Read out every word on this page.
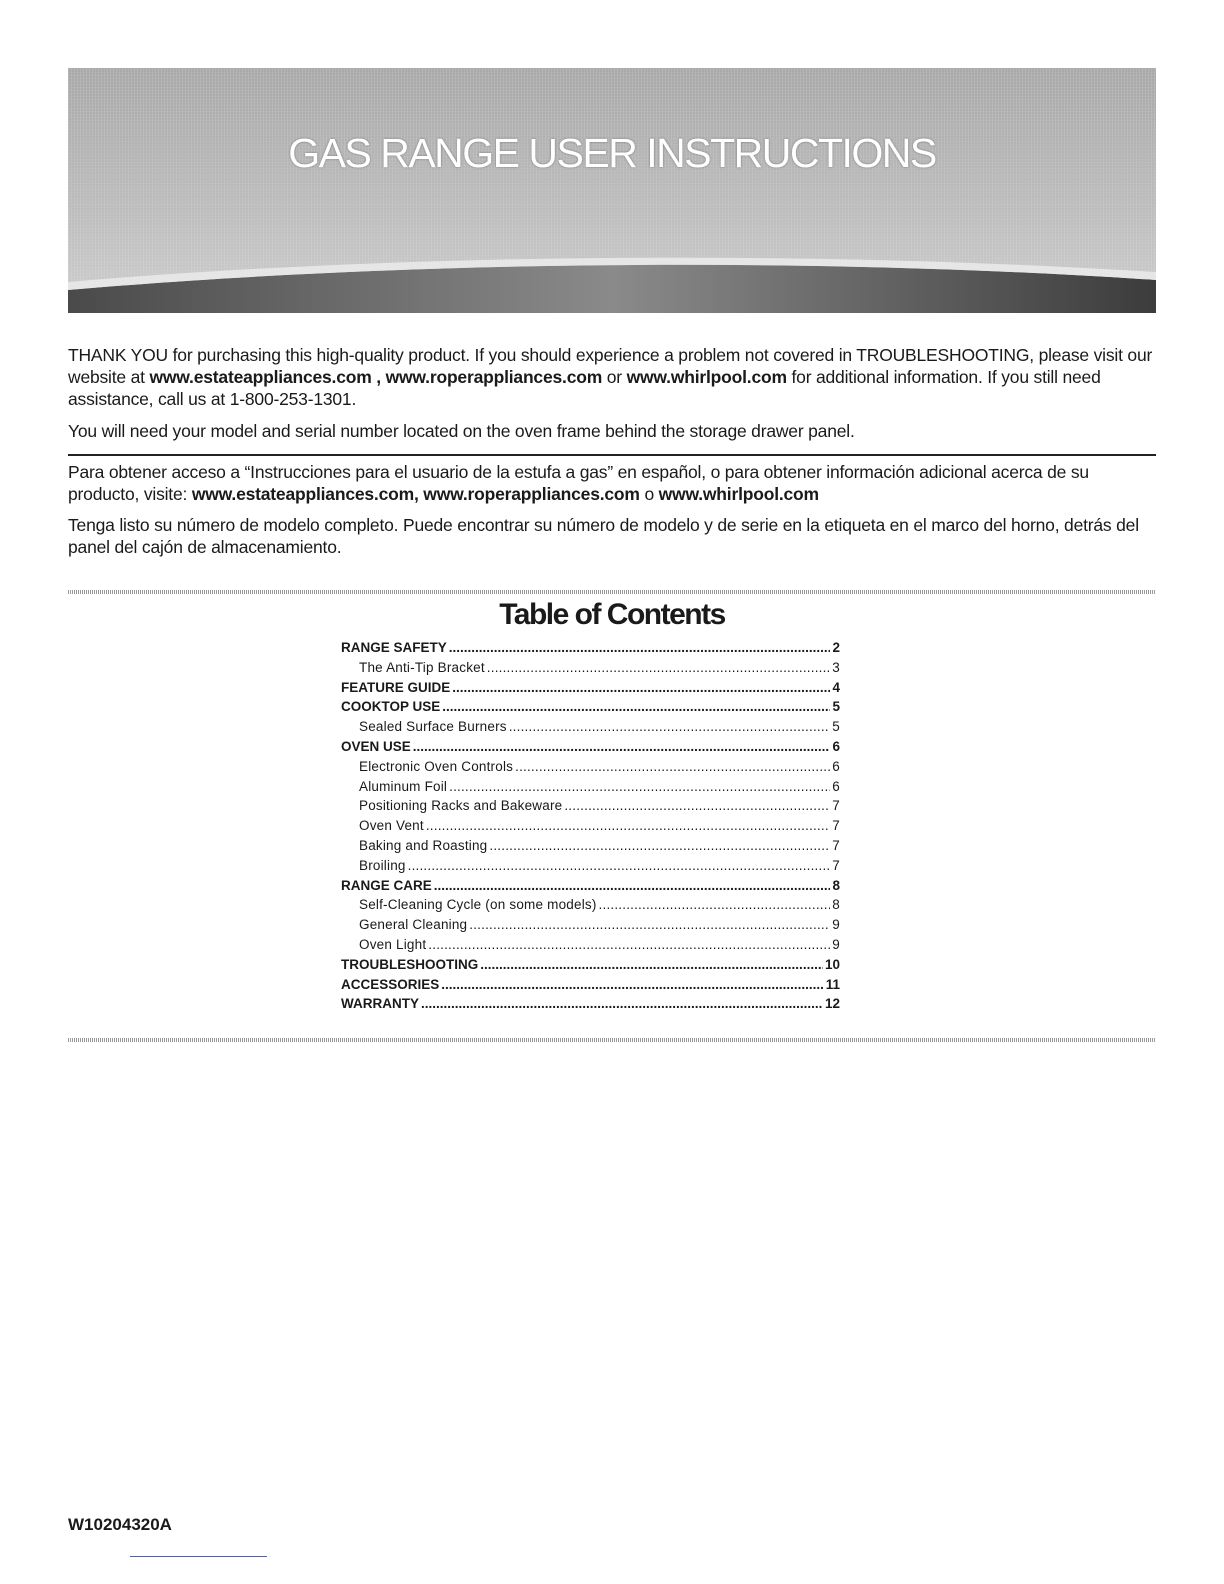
GAS RANGE USER INSTRUCTIONS

THANK YOU for purchasing this high-quality product. If you should experience a problem not covered in TROUBLESHOOTING, please visit our website at www.estateappliances.com , www.roperappliances.com or www.whirlpool.com for additional information. If you still need assistance, call us at 1-800-253-1301.

You will need your model and serial number located on the oven frame behind the storage drawer panel.

Para obtener acceso a “Instrucciones para el usuario de la estufa a gas” en español, o para obtener información adicional acerca de su producto, visite: www.estateappliances.com, www.roperappliances.com o www.whirlpool.com

Tenga listo su número de modelo completo. Puede encontrar su número de modelo y de serie en la etiqueta en el marco del horno, detrás del panel del cajón de almacenamiento.

Table of Contents
RANGE SAFETY .....	2
The Anti-Tip Bracket .....	3
FEATURE GUIDE .....	4
COOKTOP USE .....	5
Sealed Surface Burners .....	5
OVEN USE .....	6
Electronic Oven Controls .....	6
Aluminum Foil .....	6
Positioning Racks and Bakeware .....	7
Oven Vent .....	7
Baking and Roasting .....	7
Broiling .....	7
RANGE CARE .....	8
Self-Cleaning Cycle (on some models) .....	8
General Cleaning .....	9
Oven Light .....	9
TROUBLESHOOTING .....	10
ACCESSORIES .....	11
WARRANTY .....	12
W10204320A
